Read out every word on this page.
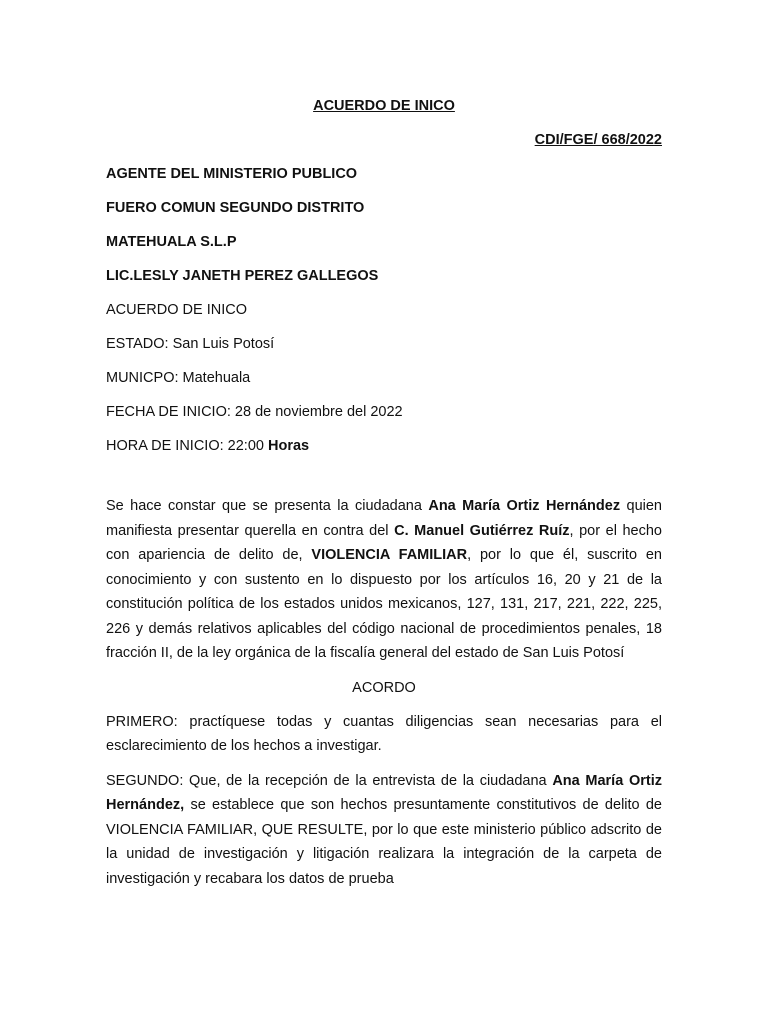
ACUERDO DE INICO
CDI/FGE/ 668/2022
AGENTE DEL MINISTERIO PUBLICO
FUERO COMUN SEGUNDO DISTRITO
MATEHUALA S.L.P
LIC.LESLY JANETH PEREZ GALLEGOS
ACUERDO DE INICO
ESTADO: San Luis Potosí
MUNICPO: Matehuala
FECHA DE INICIO: 28 de noviembre del 2022
HORA DE INICIO: 22:00 Horas
Se hace constar que se presenta la ciudadana Ana María Ortiz Hernández quien manifiesta presentar querella en contra del C. Manuel Gutiérrez Ruíz, por el hecho con apariencia de delito de, VIOLENCIA FAMILIAR, por lo que él, suscrito en conocimiento y con sustento en lo dispuesto por los artículos 16, 20 y 21 de la constitución política de los estados unidos mexicanos, 127, 131, 217, 221, 222, 225, 226 y demás relativos aplicables del código nacional de procedimientos penales, 18 fracción II, de la ley orgánica de la fiscalía general del estado de San Luis Potosí
ACORDO
PRIMERO: practíquese todas y cuantas diligencias sean necesarias para el esclarecimiento de los hechos a investigar.
SEGUNDO: Que, de la recepción de la entrevista de la ciudadana Ana María Ortiz Hernández, se establece que son hechos presuntamente constitutivos de delito de VIOLENCIA FAMILIAR, QUE RESULTE, por lo que este ministerio público adscrito de la unidad de investigación y litigación realizara la integración de la carpeta de investigación y recabara los datos de prueba
